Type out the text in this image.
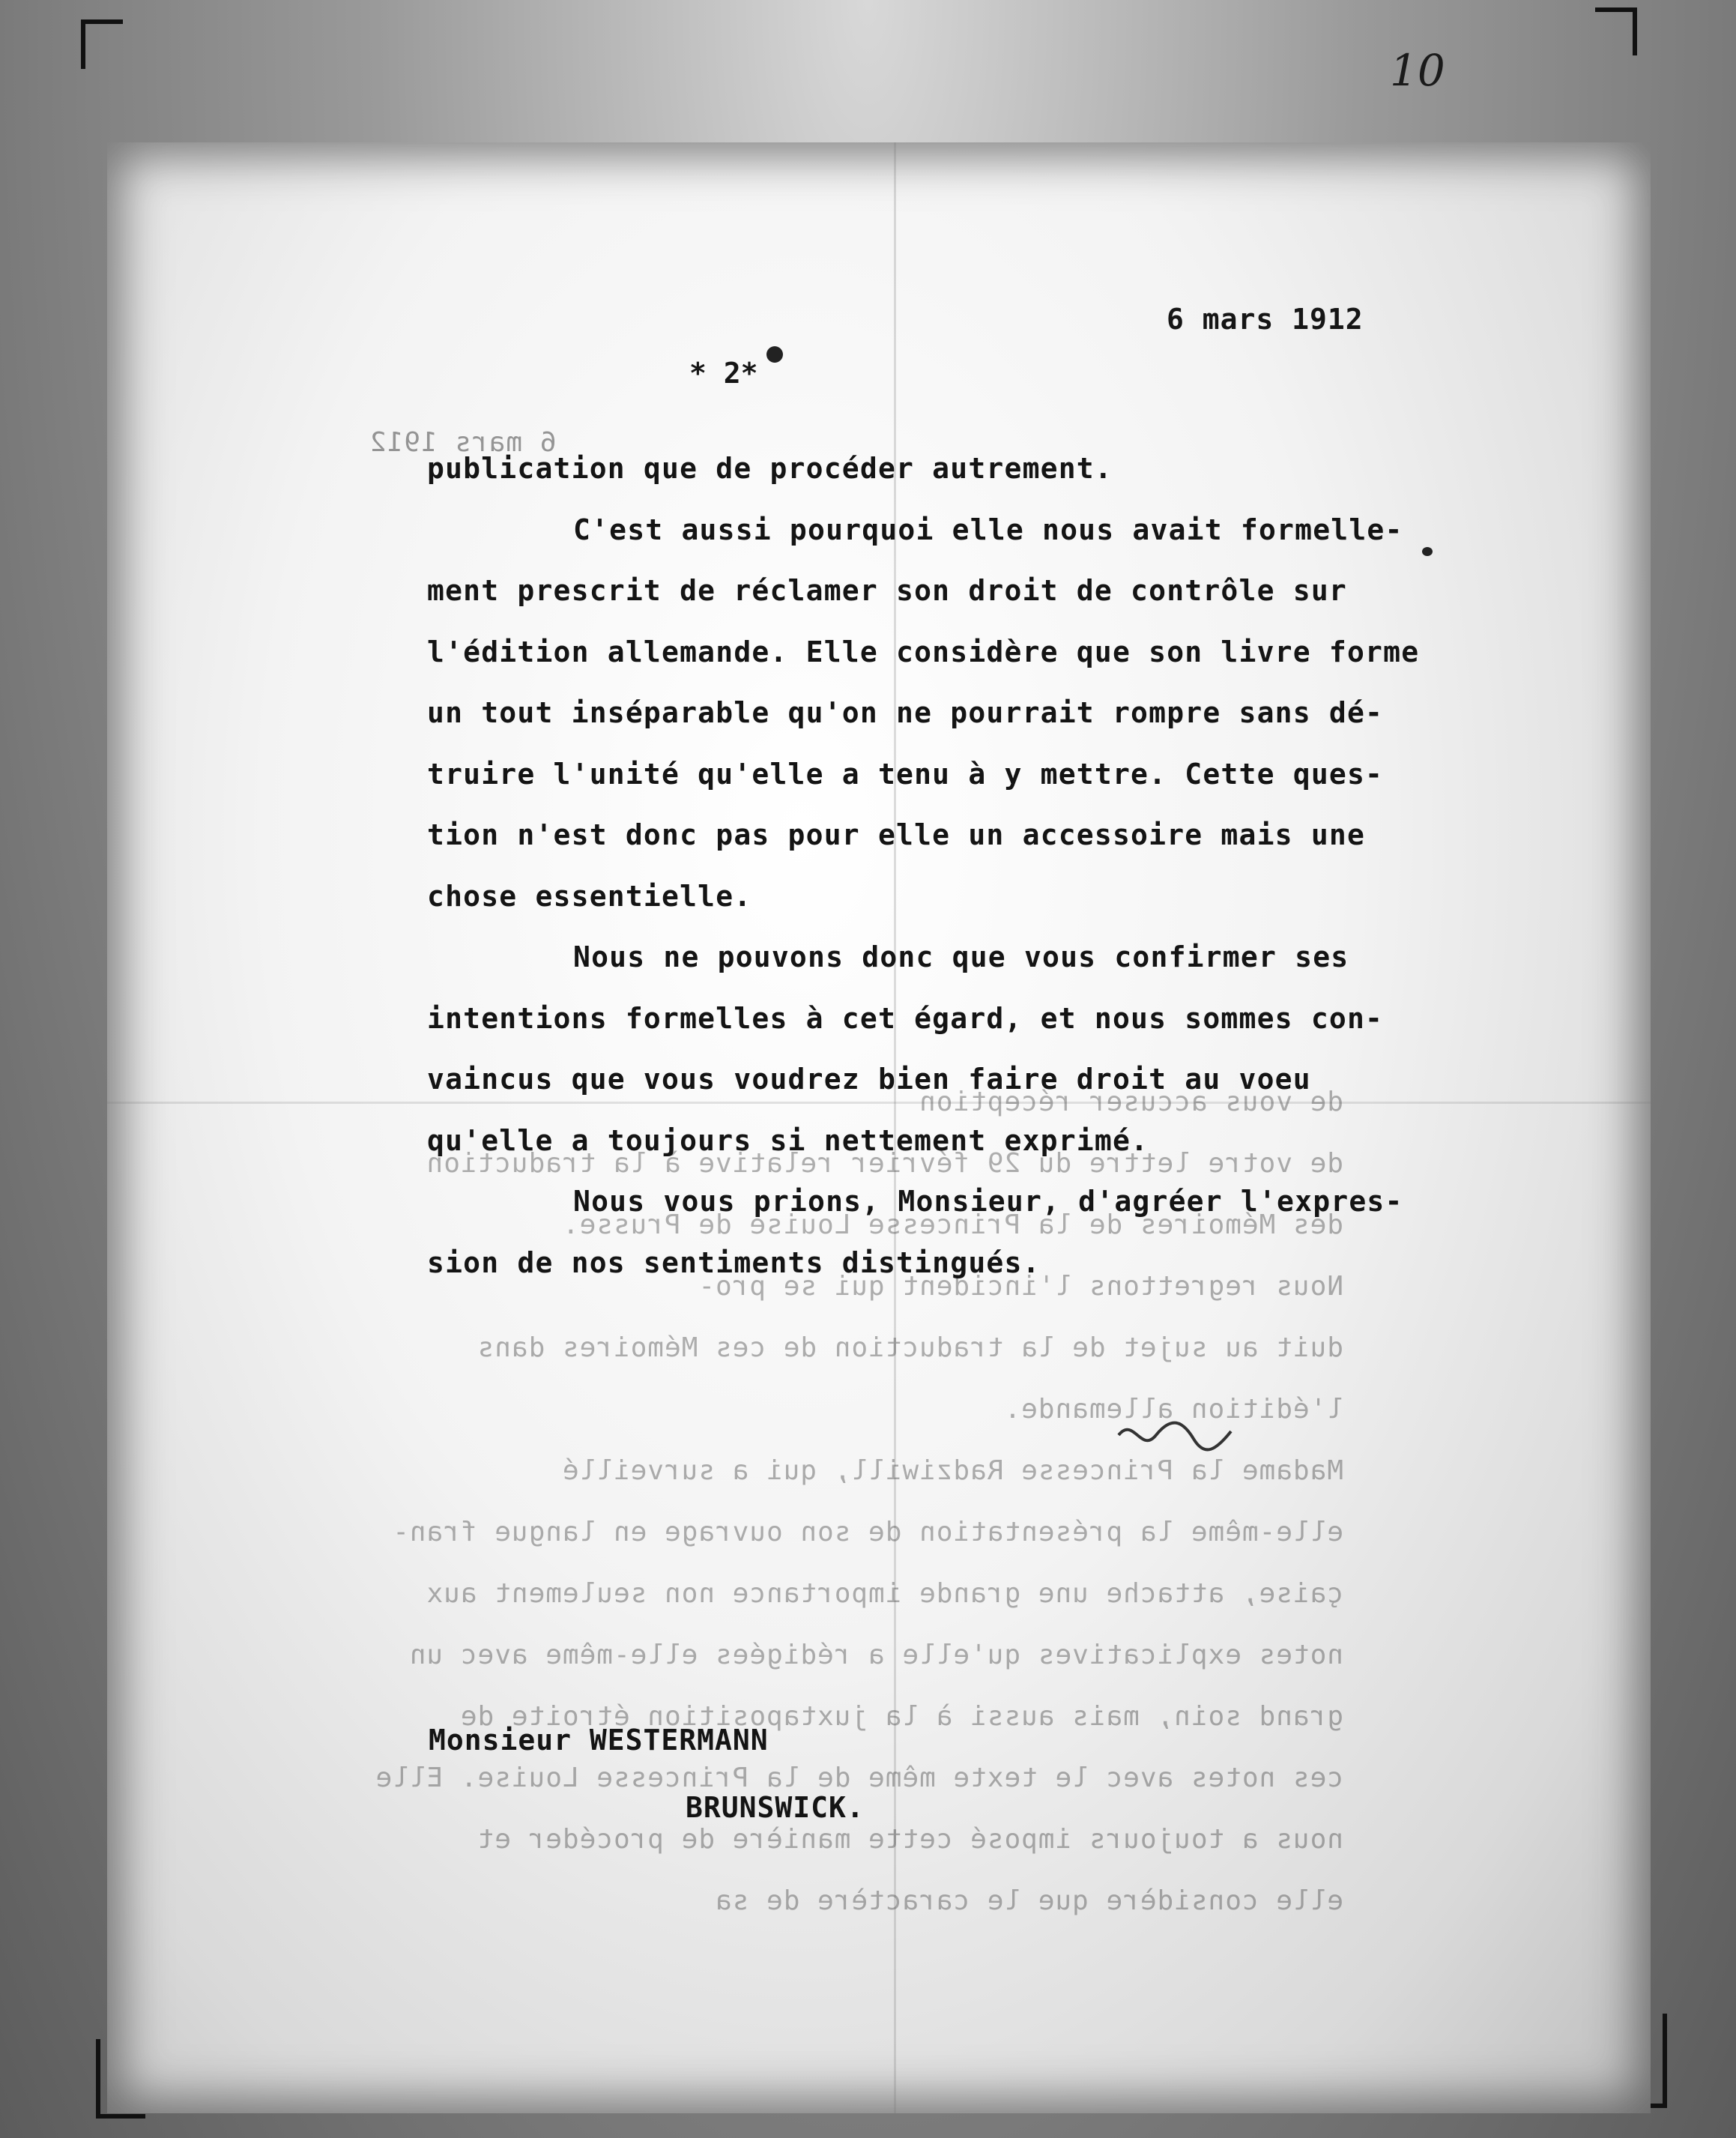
6 mars 1912
de vous accuser réception
de votre lettre du 29 février relative à la traduction
des Mémoires de la Princesse Louise de Prusse.
Nous regrettons l'incident qui se pro-
duit au sujet de la traduction de ces Mémoires dans
l'édition allemande.
Madame la Princesse Radziwill, qui a surveillé
elle-même la présentation de son ouvrage en langue fran-
çaise, attache une grande importance non seulement aux
notes explicatives qu'elle a rédigées elle-même avec un
grand soin, mais aussi à la juxtaposition étroite de
ces notes avec le texte même de la Princesse Louise. Elle
nous a toujours imposé cette manière de procéder et
elle considère que le caractère de sa
10
6 mars 1912
* 2*
publication que de procéder autrement.
C'est aussi pourquoi elle nous avait formelle-
ment prescrit de réclamer son droit de contrôle sur
l'édition allemande. Elle considère que son livre forme
un tout inséparable qu'on ne pourrait rompre sans dé-
truire l'unité qu'elle a tenu à y mettre. Cette ques-
tion n'est donc pas pour elle un accessoire mais une
chose essentielle.
Nous ne pouvons donc que vous confirmer ses
intentions formelles à cet égard, et nous sommes con-
vaincus que vous voudrez bien faire droit au voeu
qu'elle a toujours si nettement exprimé.
Nous vous prions, Monsieur, d'agréer l'expres-
sion de nos sentiments distingués.
Monsieur WESTERMANN
BRUNSWICK.
